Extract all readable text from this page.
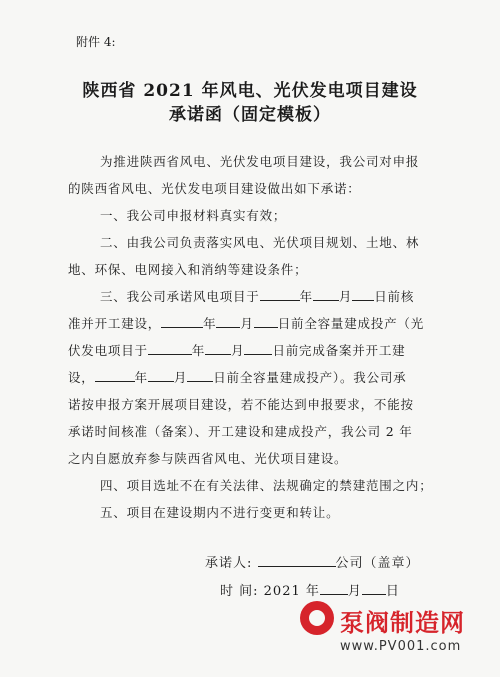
附件 4:
陕西省 2021 年风电、光伏发电项目建设
承诺函（固定模板）
为推进陕西省风电、光伏发电项目建设，我公司对申报
的陕西省风电、光伏发电项目建设做出如下承诺：
一、我公司申报材料真实有效；
二、由我公司负责落实风电、光伏项目规划、土地、林
地、环保、电网接入和消纳等建设条件；
三、我公司承诺风电项目于	年 月 日前核
准并开工建设，	年 月 日前全容量建成投产（光
伏发电项目于	年 月 日前完成备案并开工建
设，	年 月 日前全容量建成投产）。我公司承
诺按申报方案开展项目建设，若不能达到申报要求，不能按
承诺时间核准（备案）、开工建设和建成投产，我公司 2 年
之内自愿放弃参与陕西省风电、光伏项目建设。
四、项目选址不在有关法律、法规确定的禁建范围之内；
五、项目在建设期内不进行变更和转让。
承诺人:	公司（盖章）
时 间: 2021 年 月 日
泵阀制造网
www.PV001.com
